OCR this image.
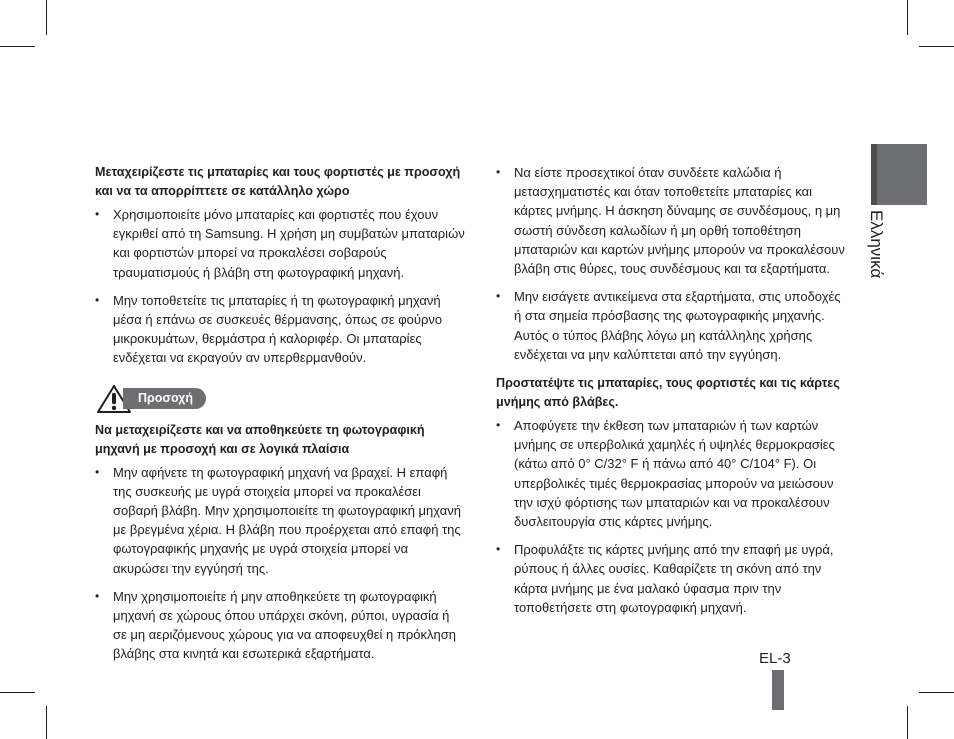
Μεταχειρίζεστε τις μπαταρίες και τους φορτιστές με προσοχή και να τα απορρίπτετε σε κατάλληλο χώρο

• Χρησιμοποιείτε μόνο μπαταρίες και φορτιστές που έχουν εγκριθεί από τη Samsung. Η χρήση μη συμβατών μπαταριών και φορτιστών μπορεί να προκαλέσει σοβαρούς τραυματισμούς ή βλάβη στη φωτογραφική μηχανή.
• Μην τοποθετείτε τις μπαταρίες ή τη φωτογραφική μηχανή μέσα ή επάνω σε συσκευές θέρμανσης, όπως σε φούρνο μικροκυμάτων, θερμάστρα ή καλοριφέρ. Οι μπαταρίες ενδέχεται να εκραγούν αν υπερθερμανθούν.
Προσοχή

Να μεταχειρίζεστε και να αποθηκεύετε τη φωτογραφική μηχανή με προσοχή και σε λογικά πλαίσια

• Μην αφήνετε τη φωτογραφική μηχανή να βραχεί. Η επαφή της συσκευής με υγρά στοιχεία μπορεί να προκαλέσει σοβαρή βλάβη. Μην χρησιμοποιείτε τη φωτογραφική μηχανή με βρεγμένα χέρια. Η βλάβη που προέρχεται από επαφή της φωτογραφικής μηχανής με υγρά στοιχεία μπορεί να ακυρώσει την εγγύησή της.
• Μην χρησιμοποιείτε ή μην αποθηκεύετε τη φωτογραφική μηχανή σε χώρους όπου υπάρχει σκόνη, ρύποι, υγρασία ή σε μη αεριζόμενους χώρους για να αποφευχθεί η πρόκληση βλάβης στα κινητά και εσωτερικά εξαρτήματα.
• Να είστε προσεχτικοί όταν συνδέετε καλώδια ή μετασχηματιστές και όταν τοποθετείτε μπαταρίες και κάρτες μνήμης. Η άσκηση δύναμης σε συνδέσμους, η μη σωστή σύνδεση καλωδίων ή μη ορθή τοποθέτηση μπαταριών και καρτών μνήμης μπορούν να προκαλέσουν βλάβη στις θύρες, τους συνδέσμους και τα εξαρτήματα.
• Μην εισάγετε αντικείμενα στα εξαρτήματα, στις υποδοχές ή στα σημεία πρόσβασης της φωτογραφικής μηχανής. Αυτός ο τύπος βλάβης λόγω μη κατάλληλης χρήσης ενδέχεται να μην καλύπτεται από την εγγύηση.

Προστατέψτε τις μπαταρίες, τους φορτιστές και τις κάρτες μνήμης από βλάβες.

• Αποφύγετε την έκθεση των μπαταριών ή των καρτών μνήμης σε υπερβολικά χαμηλές ή υψηλές θερμοκρασίες (κάτω από 0° C/32° F ή πάνω από 40° C/104° F). Οι υπερβολικές τιμές θερμοκρασίας μπορούν να μειώσουν την ισχύ φόρτισης των μπαταριών και να προκαλέσουν δυσλειτουργία στις κάρτες μνήμης.
• Προφυλάξτε τις κάρτες μνήμης από την επαφή με υγρά, ρύπους ή άλλες ουσίες. Καθαρίζετε τη σκόνη από την κάρτα μνήμης με ένα μαλακό ύφασμα πριν την τοποθετήσετε στη φωτογραφική μηχανή.
Ελληνικά
EL-3
